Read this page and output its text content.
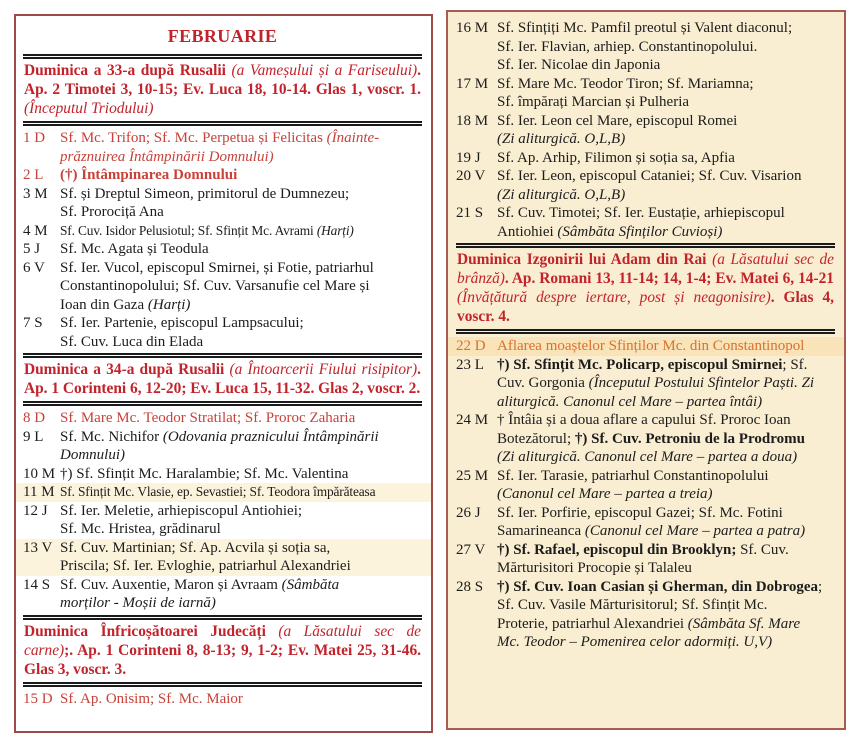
FEBRUARIE
Duminica a 33-a după Rusalii (a Vameșului și a Fariseului). Ap. 2 Timotei 3, 10-15; Ev. Luca 18, 10-14. Glas 1, voscr. 1. (Începutul Triodului)
1 D Sf. Mc. Trifon; Sf. Mc. Perpetua și Felicitas (Înainte-
prăznuirea Întâmpinării Domnului)
2 L	(†) Întâmpinarea Domnului
3 M Sf. și Dreptul Simeon, primitorul de Dumnezeu;
Sf. Prorociță Ana
4 M Sf. Cuv. Isidor Pelusiotul; Sf. Sfințit Mc. Avrami (Harți)
5 J	Sf. Mc. Agata și Teodula
6 V	Sf. Ier. Vucol, episcopul Smirnei, și Fotie, patriarhul
Constantinopolului; Sf. Cuv. Varsanufie cel Mare și
Ioan din Gaza (Harți)
7 S	Sf. Ier. Partenie, episcopul Lampsacului;
Sf. Cuv. Luca din Elada
Duminica a 34-a după Rusalii (a Întoarcerii Fiului risipitor). Ap. 1 Corinteni 6, 12-20; Ev. Luca 15, 11-32. Glas 2, voscr. 2.
8 D Sf. Mare Mc. Teodor Stratilat; Sf. Proroc Zaharia
9 L	Sf. Mc. Nichifor (Odovania praznicului Întâmpinării
Domnului)
10 M †) Sf. Sfințit Mc. Haralambie; Sf. Mc. Valentina
11 M Sf. Sfințit Mc. Vlasie, ep. Sevastiei; Sf. Teodora împărăteasa
12 J Sf. Ier. Meletie, arhiepiscopul Antiohiei;
Sf. Mc. Hristea, grădinarul
13 V Sf. Cuv. Martinian; Sf. Ap. Acvila și soția sa,
Priscila; Sf. Ier. Evloghie, patriarhul Alexandriei
14 S Sf. Cuv. Auxentie, Maron și Avraam (Sâmbăta
morților - Moșii de iarnă)
Duminica Înfricoșătoarei Judecăți (a Lăsatului sec de carne);. Ap. 1 Corinteni 8, 8-13; 9, 1-2; Ev. Matei 25, 31-46. Glas 3, voscr. 3.
15 D Sf. Ap. Onisim; Sf. Mc. Maior
16 M Sf. Sfințiți Mc. Pamfil preotul și Valent diaconul;
Sf. Ier. Flavian, arhiep. Constantinopolului.
Sf. Ier. Nicolae din Japonia
17 M Sf. Mare Mc. Teodor Tiron; Sf. Mariamna;
Sf. împărați Marcian și Pulheria
18 M Sf. Ier. Leon cel Mare, episcopul Romei
(Zi aliturgică. O,L,B)
19 J	Sf. Ap. Arhip, Filimon și soția sa, Apfia
20 V Sf. Ier. Leon, episcopul Cataniei; Sf. Cuv. Visarion
(Zi aliturgică. O,L,B)
21 S Sf. Cuv. Timotei; Sf. Ier. Eustație, arhiepiscopul
Antiohiei (Sâmbăta Sfinților Cuvioși)
Duminica Izgonirii lui Adam din Rai (a Lăsatului sec de brânză). Ap. Romani 13, 11-14; 14, 1-4; Ev. Matei 6, 14-21 (Învățătură despre iertare, post și neagonisire). Glas 4, voscr. 4.
22 D Aflarea moaștelor Sfinților Mc. din Constantinopol
23 L †) Sf. Sfințit Mc. Policarp, episcopul Smirnei; Sf.
Cuv. Gorgonia (Începutul Postului Sfintelor Paști. Zi
aliturgică. Canonul cel Mare – partea întâi)
24 M † Întâia și a doua aflare a capului Sf. Proroc Ioan
Botezătorul; †) Sf. Cuv. Petroniu de la Prodromu
(Zi aliturgică. Canonul cel Mare – partea a doua)
25 M Sf. Ier. Tarasie, patriarhul Constantinopolului
(Canonul cel Mare – partea a treia)
26 J	Sf. Ier. Porfirie, episcopul Gazei; Sf. Mc. Fotini
Samarineanca (Canonul cel Mare – partea a patra)
27 V †) Sf. Rafael, episcopul din Brooklyn; Sf. Cuv.
Mărturisitori Procopie și Talaleu
28 S †) Sf. Cuv. Ioan Casian și Gherman, din Dobrogea;
Sf. Cuv. Vasile Mărturisitorul; Sf. Sfințit Mc.
Proterie, patriarhul Alexandriei (Sâmbăta Sf. Mare
Mc. Teodor – Pomenirea celor adormiți. U,V)
